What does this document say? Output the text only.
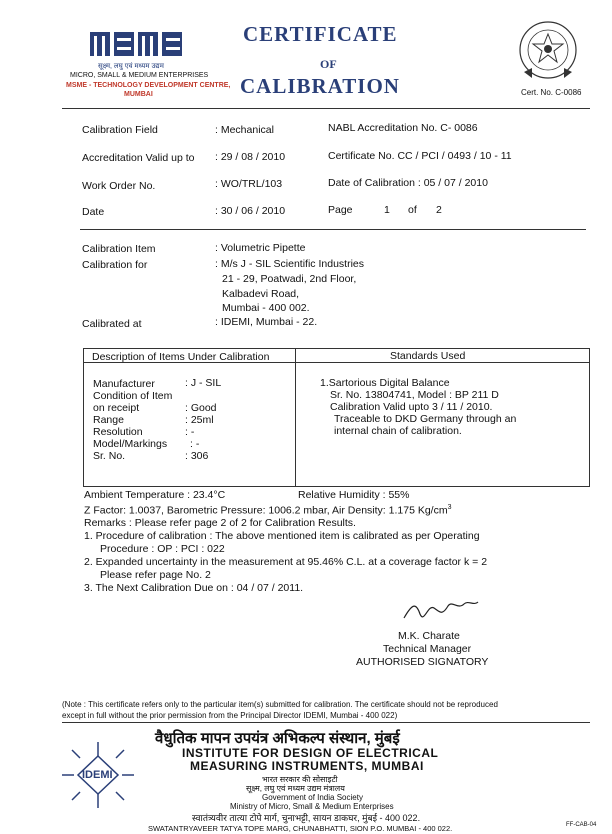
सूक्ष्म, लघु एवं मध्यम उद्यम
MICRO, SMALL & MEDIUM ENTERPRISES
MSME - TECHNOLOGY DEVELOPMENT CENTRE,
MUMBAI
CERTIFICATE
OF
CALIBRATION	Cert. No. C-0086
Calibration Field	: Mechanical	NABL Accreditation No. C- 0086
Accreditation Valid up to : 29 / 08 / 2010	Certificate No. CC / PCI / 0493 / 10 - 11
Work Order No.	: WO/TRL/103	Date of Calibration : 05 / 07 / 2010
Date	: 30 / 06 / 2010	Page	1 of 2
Calibration Item	: Volumetric Pipette
Calibration for	: M/s J - SIL Scientific Industries
21 - 29, Poatwadi, 2nd Floor,
Kalbadevi Road,
Mumbai - 400 002.
Calibrated at	: IDEMI, Mumbai - 22.
Description of Items Under Calibration	Standards Used
Manufacturer	: J - SIL
Condition of Item
on receipt	: Good
Range	: 25ml
Resolution	: -
Model/Markings : -
Sr. No.	: 306
1.Sartorious Digital Balance
Sr. No. 13804741, Model : BP 211 D
Calibration Valid upto 3 / 11 / 2010.
Traceable to DKD Germany through an
internal chain of calibration.
Ambient Temperature : 23.4°C	Relative Humidity : 55%
Z Factor: 1.0037, Barometric Pressure: 1006.2 mbar, Air Density: 1.175 $Kg/cm^3$
Remarks : Please refer page 2 of 2 for Calibration Results.
1. Procedure of calibration : The above mentioned item is calibrated as per Operating
Procedure : OP : PCI : 022
2. Expanded uncertainty in the measurement at 95.46% C.L. at a coverage factor k = 2
Please refer page No. 2
3. The Next Calibration Due on : 04 / 07 / 2011.
M.K. Charate
Technical Manager
AUTHORISED SIGNATORY
(Note : This certificate refers only to the particular item(s) submitted for calibration. The certificate should not be reproduced
except in full without the prior permission from the Principal Director IDEMI, Mumbai - 400 022)
IDEMI
वैधुतिक मापन उपयंत्र अभिकल्प संस्थान, मुंबई
INSTITUTE FOR DESIGN OF ELECTRICAL
MEASURING INSTRUMENTS, MUMBAI
भारत सरकार की सोसाइटी
सूक्ष्म, लघु एवं मध्यम उद्यम मंत्रालय
Government of India Society
Ministry of Micro, Small & Medium Enterprises
स्वातंत्र्यवीर तात्या टोपे मार्ग, चुनाभट्टी, सायन डाकघर, मुंबई - 400 022.
SWATANTRYAVEER TATYA TOPE MARG, CHUNABHATTI, SION P.O. MUMBAI - 400 022.	FF-CAB-04
